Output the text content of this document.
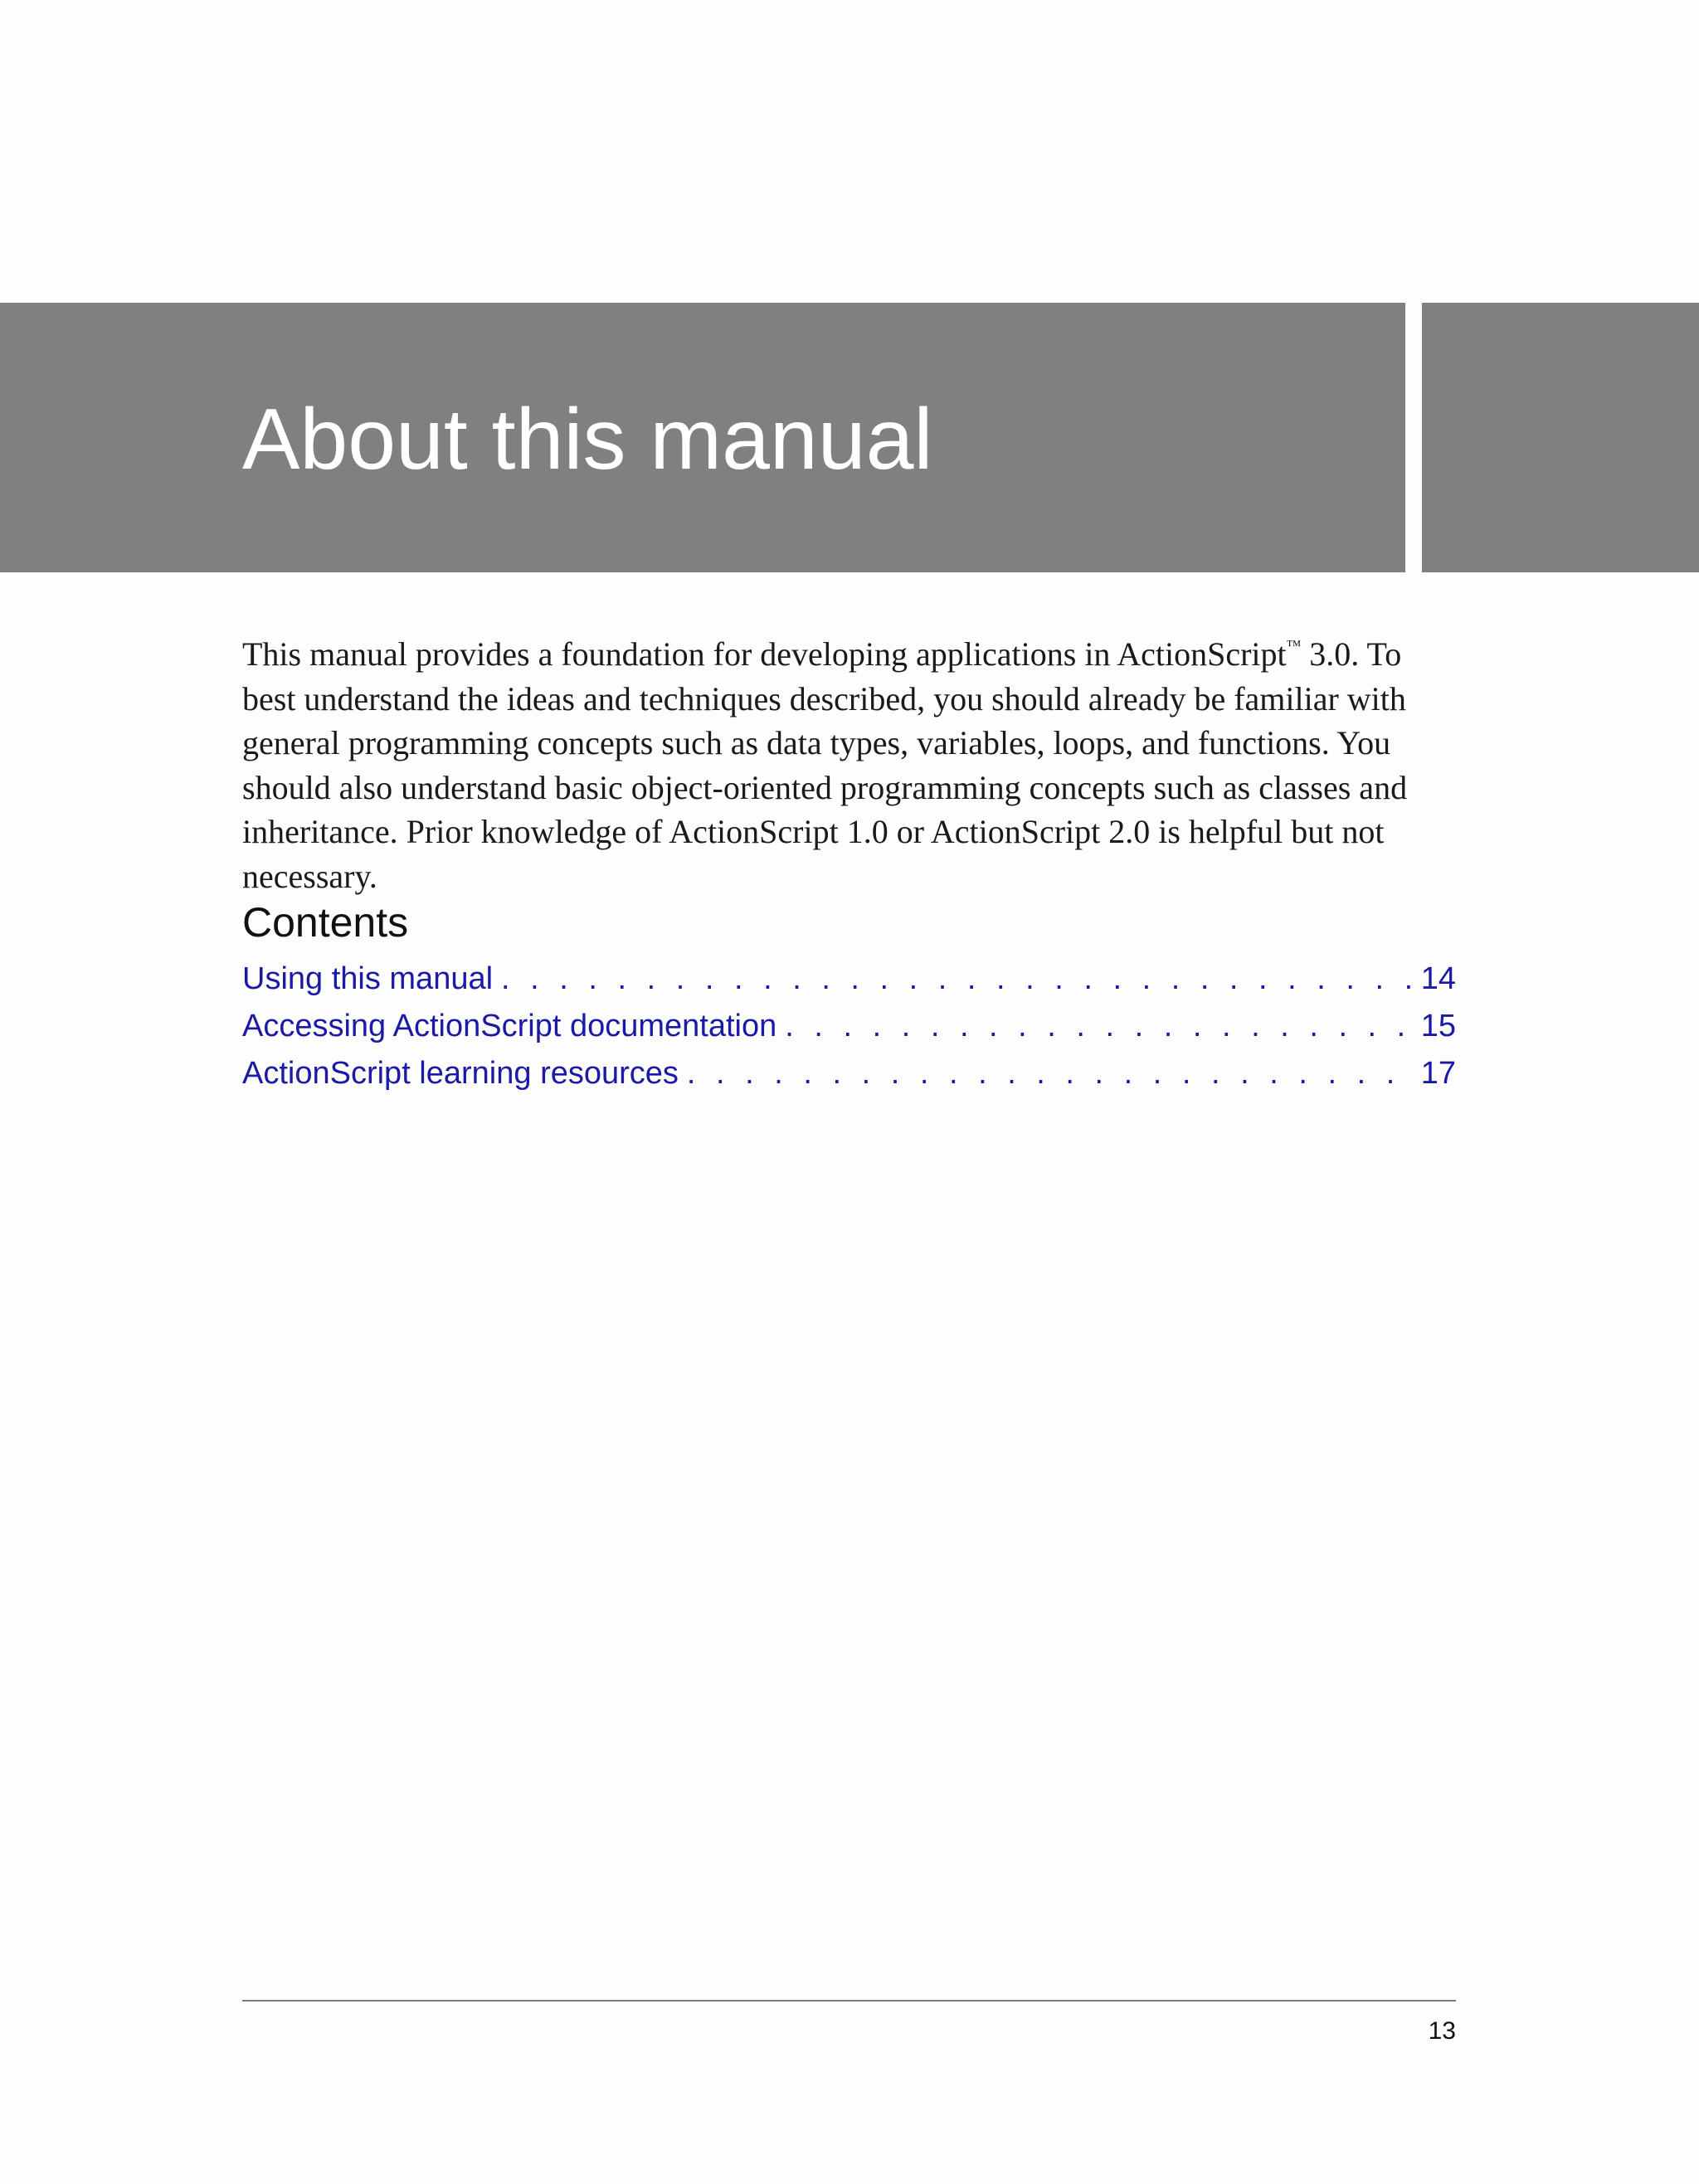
About this manual

This manual provides a foundation for developing applications in ActionScript™ 3.0. To best understand the ideas and techniques described, you should already be familiar with general programming concepts such as data types, variables, loops, and functions. You should also understand basic object-oriented programming concepts such as classes and inheritance. Prior knowledge of ActionScript 1.0 or ActionScript 2.0 is helpful but not necessary.

Contents
Using this manual . . .	14
Accessing ActionScript documentation . . .	15
ActionScript learning resources . . .	17
13
